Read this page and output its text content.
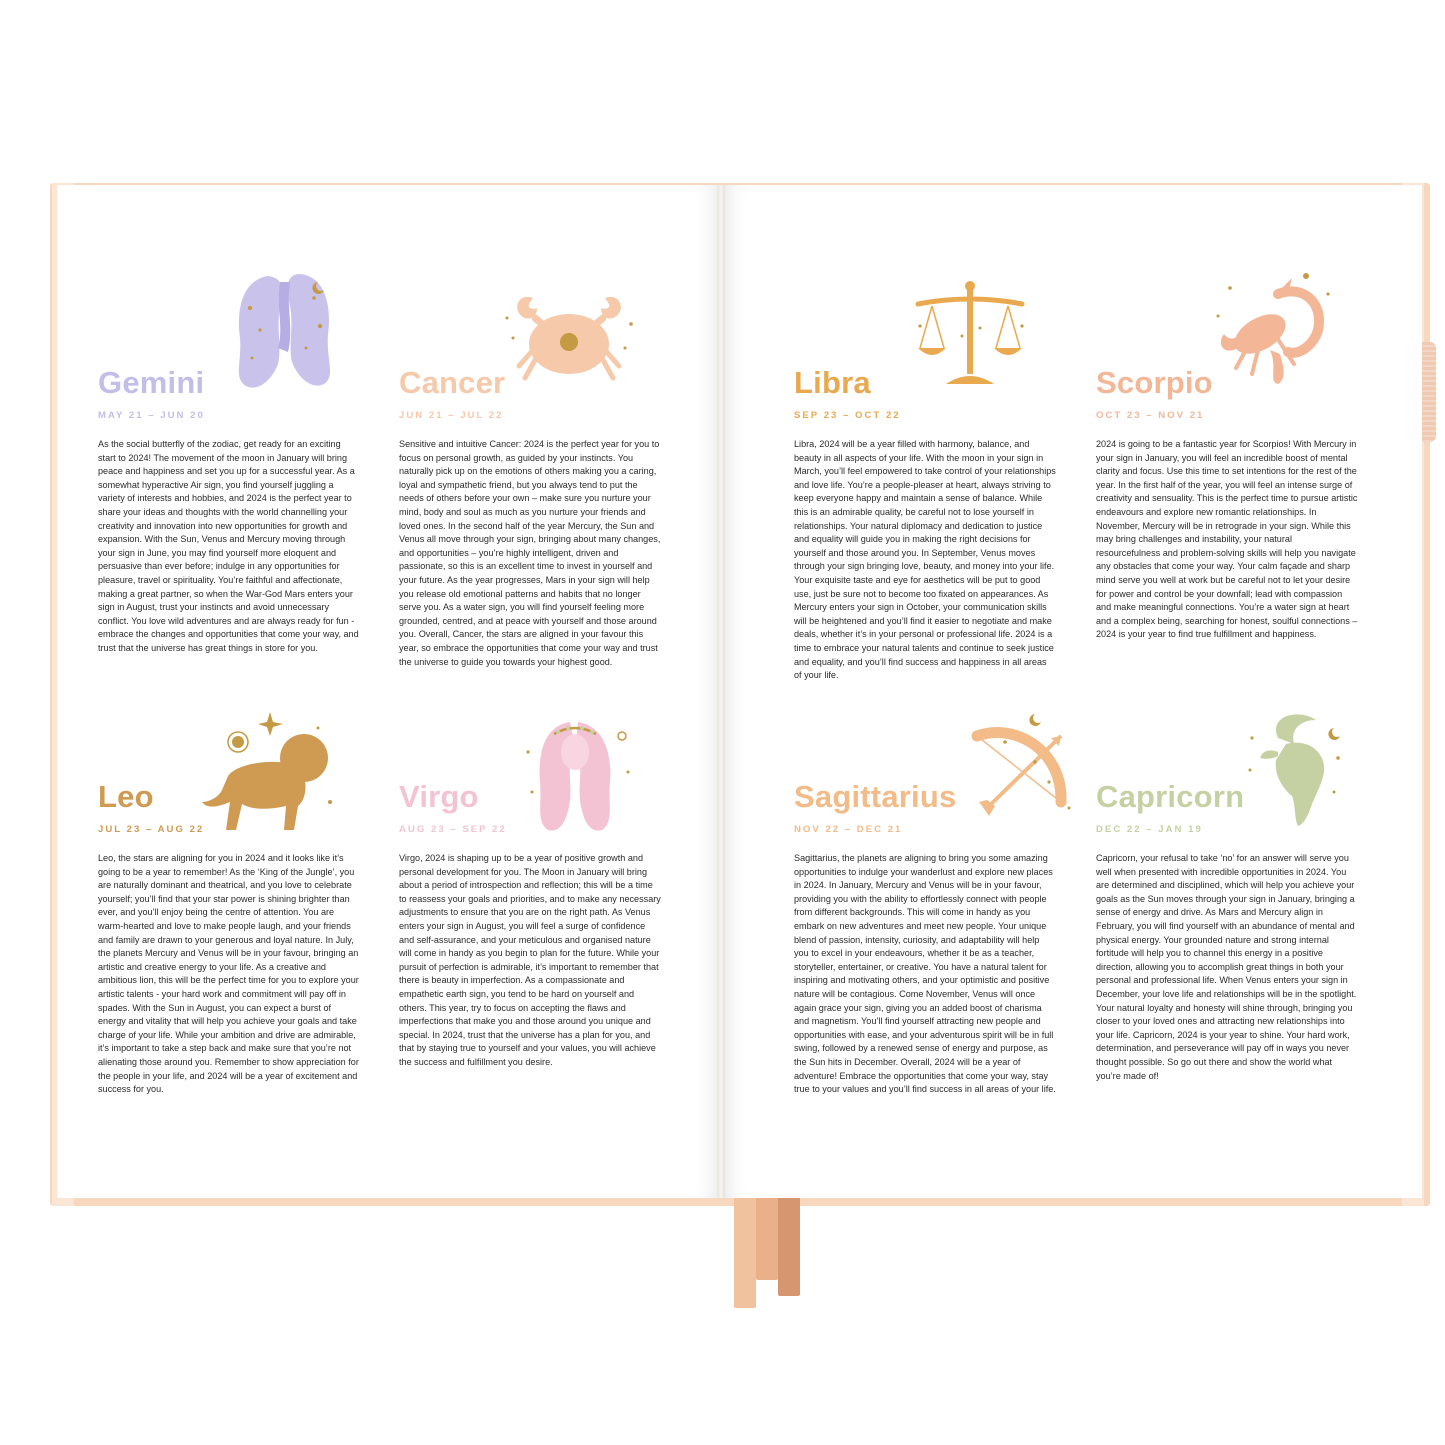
Gemini
MAY 21 – JUN 20
As the social butterfly of the zodiac, get ready for an exciting start to 2024! The movement of the moon in January will bring peace and happiness and set you up for a successful year. As a somewhat hyperactive Air sign, you find yourself juggling a variety of interests and hobbies, and 2024 is the perfect year to share your ideas and thoughts with the world channelling your creativity and innovation into new opportunities for growth and expansion. With the Sun, Venus and Mercury moving through your sign in June, you may find yourself more eloquent and persuasive than ever before; indulge in any opportunities for pleasure, travel or spirituality. You’re faithful and affectionate, making a great partner, so when the War-God Mars enters your sign in August, trust your instincts and avoid unnecessary conflict. You love wild adventures and are always ready for fun - embrace the changes and opportunities that come your way, and trust that the universe has great things in store for you.
Cancer
JUN 21 – JUL 22
Sensitive and intuitive Cancer: 2024 is the perfect year for you to focus on personal growth, as guided by your instincts. You naturally pick up on the emotions of others making you a caring, loyal and sympathetic friend, but you always tend to put the needs of others before your own – make sure you nurture your mind, body and soul as much as you nurture your friends and loved ones. In the second half of the year Mercury, the Sun and Venus all move through your sign, bringing about many changes, and opportunities – you’re highly intelligent, driven and passionate, so this is an excellent time to invest in yourself and your future. As the year progresses, Mars in your sign will help you release old emotional patterns and habits that no longer serve you. As a water sign, you will find yourself feeling more grounded, centred, and at peace with yourself and those around you. Overall, Cancer, the stars are aligned in your favour this year, so embrace the opportunities that come your way and trust the universe to guide you towards your highest good.
Libra
SEP 23 – OCT 22
Libra, 2024 will be a year filled with harmony, balance, and beauty in all aspects of your life. With the moon in your sign in March, you’ll feel empowered to take control of your relationships and love life. You’re a people-pleaser at heart, always striving to keep everyone happy and maintain a sense of balance. While this is an admirable quality, be careful not to lose yourself in relationships. Your natural diplomacy and dedication to justice and equality will guide you in making the right decisions for yourself and those around you. In September, Venus moves through your sign bringing love, beauty, and money into your life. Your exquisite taste and eye for aesthetics will be put to good use, just be sure not to become too fixated on appearances. As Mercury enters your sign in October, your communication skills will be heightened and you’ll find it easier to negotiate and make deals, whether it’s in your personal or professional life. 2024 is a time to embrace your natural talents and continue to seek justice and equality, and you’ll find success and happiness in all areas of your life.
Scorpio
OCT 23 – NOV 21
2024 is going to be a fantastic year for Scorpios! With Mercury in your sign in January, you will feel an incredible boost of mental clarity and focus. Use this time to set intentions for the rest of the year. In the first half of the year, you will feel an intense surge of creativity and sensuality. This is the perfect time to pursue artistic endeavours and explore new romantic relationships. In November, Mercury will be in retrograde in your sign. While this may bring challenges and instability, your natural resourcefulness and problem-solving skills will help you navigate any obstacles that come your way. Your calm façade and sharp mind serve you well at work but be careful not to let your desire for power and control be your downfall; lead with compassion and make meaningful connections. You’re a water sign at heart and a complex being, searching for honest, soulful connections – 2024 is your year to find true fulfillment and happiness.
Leo
JUL 23 – AUG 22
Leo, the stars are aligning for you in 2024 and it looks like it’s going to be a year to remember! As the ‘King of the Jungle’, you are naturally dominant and theatrical, and you love to celebrate yourself; you’ll find that your star power is shining brighter than ever, and you’ll enjoy being the centre of attention. You are warm-hearted and love to make people laugh, and your friends and family are drawn to your generous and loyal nature. In July, the planets Mercury and Venus will be in your favour, bringing an artistic and creative energy to your life. As a creative and ambitious lion, this will be the perfect time for you to explore your artistic talents - your hard work and commitment will pay off in spades. With the Sun in August, you can expect a burst of energy and vitality that will help you achieve your goals and take charge of your life. While your ambition and drive are admirable, it’s important to take a step back and make sure that you’re not alienating those around you. Remember to show appreciation for the people in your life, and 2024 will be a year of excitement and success for you.
Virgo
AUG 23 – SEP 22
Virgo, 2024 is shaping up to be a year of positive growth and personal development for you. The Moon in January will bring about a period of introspection and reflection; this will be a time to reassess your goals and priorities, and to make any necessary adjustments to ensure that you are on the right path. As Venus enters your sign in August, you will feel a surge of confidence and self-assurance, and your meticulous and organised nature will come in handy as you begin to plan for the future. While your pursuit of perfection is admirable, it’s important to remember that there is beauty in imperfection. As a compassionate and empathetic earth sign, you tend to be hard on yourself and others. This year, try to focus on accepting the flaws and imperfections that make you and those around you unique and special. In 2024, trust that the universe has a plan for you, and that by staying true to yourself and your values, you will achieve the success and fulfillment you desire.
Sagittarius
NOV 22 – DEC 21
Sagittarius, the planets are aligning to bring you some amazing opportunities to indulge your wanderlust and explore new places in 2024. In January, Mercury and Venus will be in your favour, providing you with the ability to effortlessly connect with people from different backgrounds. This will come in handy as you embark on new adventures and meet new people. Your unique blend of passion, intensity, curiosity, and adaptability will help you to excel in your endeavours, whether it be as a teacher, storyteller, entertainer, or creative. You have a natural talent for inspiring and motivating others, and your optimistic and positive nature will be contagious. Come November, Venus will once again grace your sign, giving you an added boost of charisma and magnetism. You’ll find yourself attracting new people and opportunities with ease, and your adventurous spirit will be in full swing, followed by a renewed sense of energy and purpose, as the Sun hits in December. Overall, 2024 will be a year of adventure! Embrace the opportunities that come your way, stay true to your values and you’ll find success in all areas of your life.
Capricorn
DEC 22 – JAN 19
Capricorn, your refusal to take ‘no’ for an answer will serve you well when presented with incredible opportunities in 2024. You are determined and disciplined, which will help you achieve your goals as the Sun moves through your sign in January, bringing a sense of energy and drive. As Mars and Mercury align in February, you will find yourself with an abundance of mental and physical energy. Your grounded nature and strong internal fortitude will help you to channel this energy in a positive direction, allowing you to accomplish great things in both your personal and professional life. When Venus enters your sign in December, your love life and relationships will be in the spotlight. Your natural loyalty and honesty will shine through, bringing you closer to your loved ones and attracting new relationships into your life. Capricorn, 2024 is your year to shine. Your hard work, determination, and perseverance will pay off in ways you never thought possible. So go out there and show the world what you’re made of!
